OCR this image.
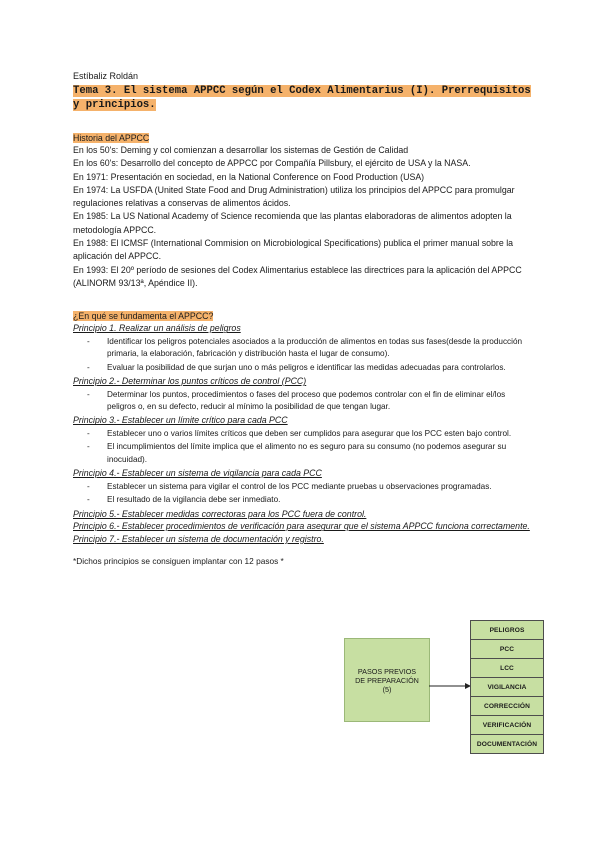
Estíbaliz Roldán

Tema 3. El sistema APPCC según el Codex Alimentarius (I). Prerrequisitos y principios.

Historia del APPCC

En los 50's: Deming y col comienzan a desarrollar los sistemas de Gestión de Calidad

En los 60's: Desarrollo del concepto de APPCC por Compañía Pillsbury, el ejército de USA y la NASA.

En 1971: Presentación en sociedad, en la National Conference on Food Production (USA)

En 1974: La USFDA (United State Food and Drug Administration) utiliza los principios del APPCC para promulgar regulaciones relativas a conservas de alimentos ácidos.

En 1985: La US National Academy of Science recomienda que las plantas elaboradoras de alimentos adopten la metodología APPCC.

En 1988: El ICMSF (International Commision on Microbiological Specifications) publica el primer manual sobre la aplicación del APPCC.

En 1993: El 20º período de sesiones del Codex Alimentarius establece las directrices para la aplicación del APPCC (ALINORM 93/13ª, Apéndice II).

¿En qué se fundamenta el APPCC?

Principio 1. Realizar un análisis de peligros

- Identificar los peligros potenciales asociados a la producción de alimentos en todas sus fases(desde la producción primaria, la elaboración, fabricación y distribución hasta el lugar de consumo).
- Evaluar la posibilidad de que surjan uno o más peligros e identificar las medidas adecuadas para controlarlos.

Principio 2.- Determinar los puntos críticos de control (PCC)

- Determinar los puntos, procedimientos o fases del proceso que podemos controlar con el fin de eliminar el/los peligros o, en su defecto, reducir al mínimo la posibilidad de que tengan lugar.

Principio 3.- Establecer un límite crítico para cada PCC

- Establecer uno o varios límites críticos que deben ser cumplidos para asegurar que los PCC esten bajo control.
- El incumplimientos del límite implica que el alimento no es seguro para su consumo (no podemos asegurar su inocuidad).

Principio 4.- Establecer un sistema de vigilancia para cada PCC

- Establecer un sistema para vigilar el control de los PCC mediante pruebas u observaciones programadas.
- El resultado de la vigilancia debe ser inmediato.

Principio 5.- Establecer medidas correctoras para los PCC fuera de control.

Principio 6.- Establecer procedimientos de verificación para asegurar que el sistema APPCC funciona correctamente.

Principio 7.- Establecer un sistema de documentación y registro.

*Dichos principios se consiguen implantar con 12 pasos *

PASOS PREVIOS
DE PREPARACIÓN
(5)
PELIGROS
PCC
LCC
VIGILANCIA
CORRECCIÓN
VERIFICACIÓN
DOCUMENTACIÓN
